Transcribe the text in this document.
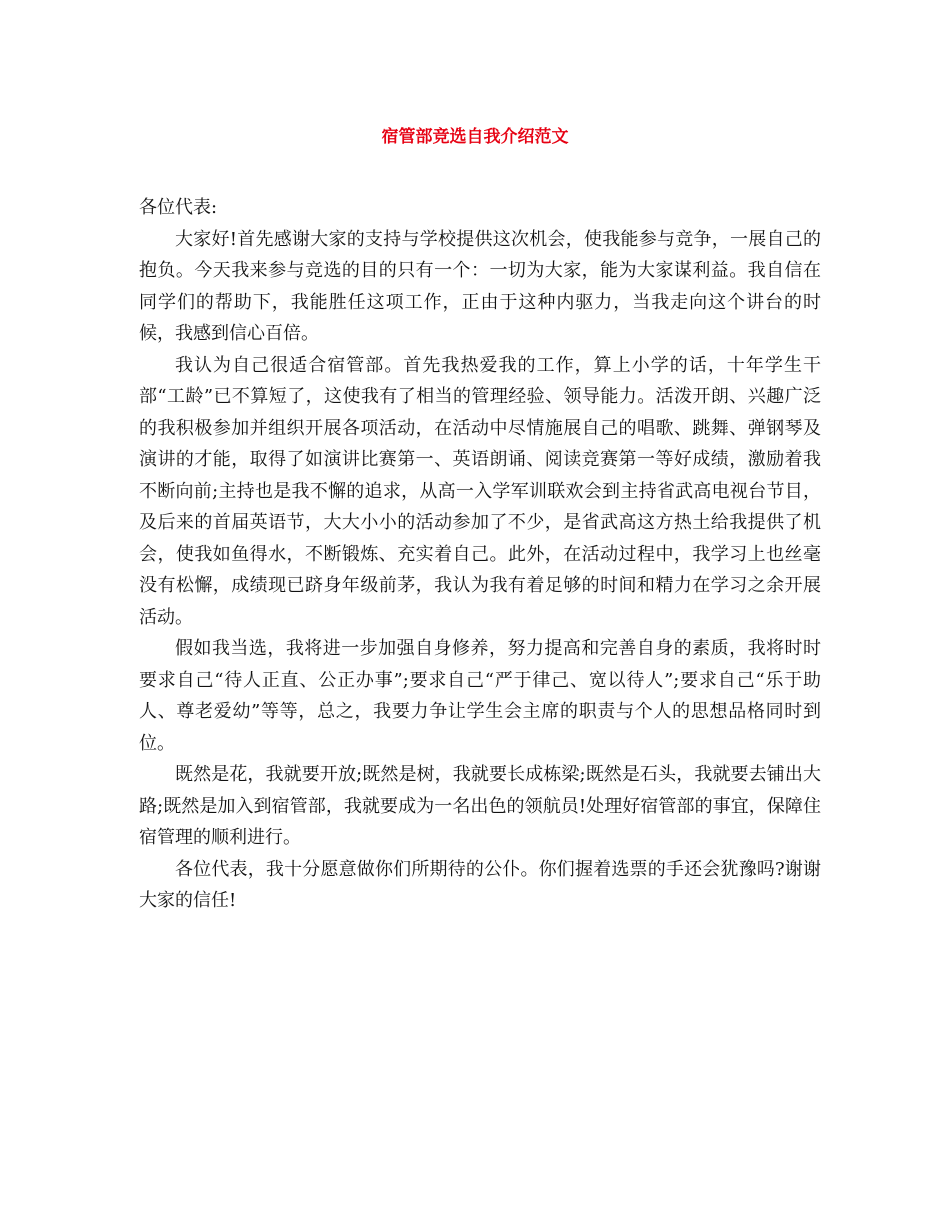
宿管部竞选自我介绍范文

各位代表:

大家好!首先感谢大家的支持与学校提供这次机会，使我能参与竞争，一展自己的抱负。今天我来参与竞选的目的只有一个：一切为大家，能为大家谋利益。我自信在同学们的帮助下，我能胜任这项工作，正由于这种内驱力，当我走向这个讲台的时候，我感到信心百倍。

我认为自己很适合宿管部。首先我热爱我的工作，算上小学的话，十年学生干部“工龄”已不算短了，这使我有了相当的管理经验、领导能力。活泼开朗、兴趣广泛的我积极参加并组织开展各项活动，在活动中尽情施展自己的唱歌、跳舞、弹钢琴及演讲的才能，取得了如演讲比赛第一、英语朗诵、阅读竞赛第一等好成绩，激励着我不断向前;主持也是我不懈的追求，从高一入学军训联欢会到主持省武高电视台节目，及后来的首届英语节，大大小小的活动参加了不少，是省武高这方热土给我提供了机会，使我如鱼得水，不断锻炼、充实着自己。此外，在活动过程中，我学习上也丝毫没有松懈，成绩现已跻身年级前茅，我认为我有着足够的时间和精力在学习之余开展活动。

假如我当选，我将进一步加强自身修养，努力提高和完善自身的素质，我将时时要求自己“待人正直、公正办事”;要求自己“严于律己、宽以待人”;要求自己“乐于助人、尊老爱幼”等等，总之，我要力争让学生会主席的职责与个人的思想品格同时到位。

既然是花，我就要开放;既然是树，我就要长成栋梁;既然是石头，我就要去铺出大路;既然是加入到宿管部，我就要成为一名出色的领航员!处理好宿管部的事宜，保障住宿管理的顺利进行。

各位代表，我十分愿意做你们所期待的公仆。你们握着选票的手还会犹豫吗?谢谢大家的信任!
